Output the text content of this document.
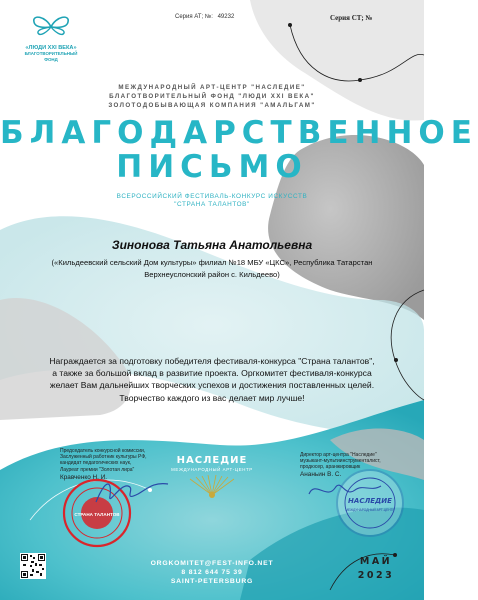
«ЛЮДИ XXI ВЕКА»
БЛАГОТВОРИТЕЛЬНЫЙ
ФОНД
Серия АТ; №: 49232	Серия СТ; №
МЕЖДУНАРОДНЫЙ АРТ-ЦЕНТР "НАСЛЕДИЕ"
БЛАГОТВОРИТЕЛЬНЫЙ ФОНД "ЛЮДИ XXI ВЕКА"
ЗОЛОТОДОБЫВАЮЩАЯ КОМПАНИЯ "АМАЛЬГАМ"
БЛАГОДАРСТВЕННОЕ
ПИСЬМО
ВСЕРОССИЙСКИЙ ФЕСТИВАЛЬ-КОНКУРС ИСКУССТВ
"СТРАНА ТАЛАНТОВ"
Зинонова Татьяна Анатольевна
(«Кильдеевский сельский Дом культуры» филиал №18 МБУ «ЦКС», Республика Татарстан
Верхнеуслонский район с. Кильдеево)
Награждается за подготовку победителя фестиваля-конкурса "Страна талантов",
а также за большой вклад в развитие проекта. Оргкомитет фестиваля-конкурса
желает Вам дальнейших творческих успехов и достижения поставленных целей.
Творчество каждого из вас делает мир лучше!
Председатель конкурсной комиссии,
Заслуженный работник культуры РФ,
кандидат педагогических наук,
Лауреат премии "Золотая лира"
Кравченко Н. И.
СТРАНА ТАЛАНТОВ
НАСЛЕДИЕ
МЕЖДУНАРОДНЫЙ АРТ-ЦЕНТР
Директор арт-центра "Наследие"
музыкант-мультиинструменталист,
продюсер, аранжировщик
Ананьин В. С.
НАСЛЕДИЕ
МЕЖДУНАРОДНЫЙ АРТ-ЦЕНТР
ORGKOMITET@FEST-INFO.NET
8 812 644 75 39
SAINT-PETERSBURG
МАЙ
2023
